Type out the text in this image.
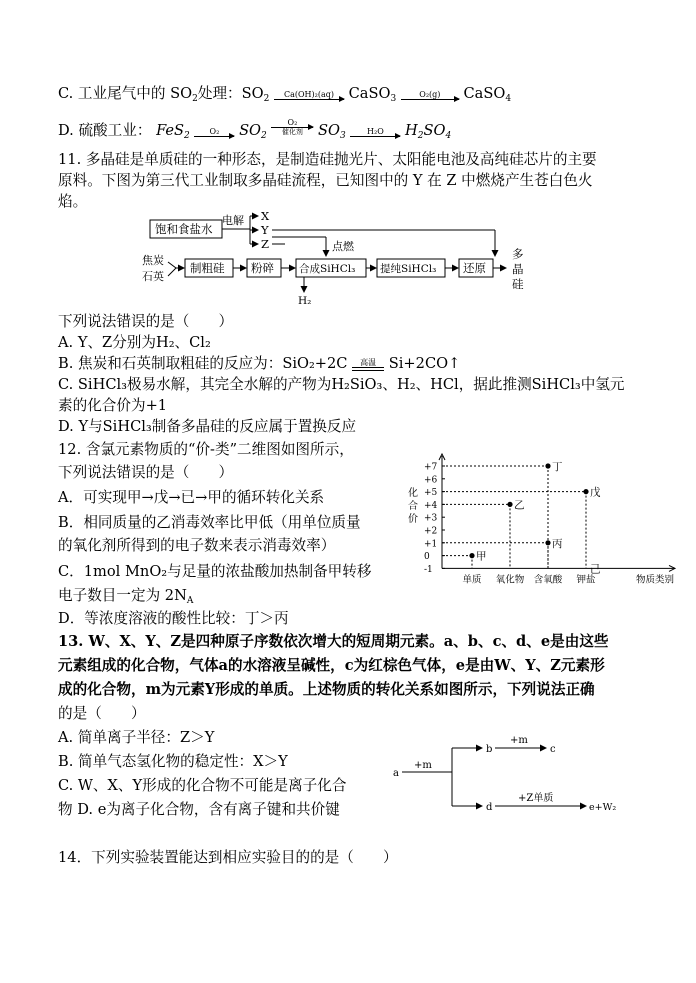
C. 工业尾气中的 $SO_2$处理：$SO_2$	Ca(OH)₂(aq)	CaSO$_3$	O₂(g)	CaSO$_4$
D. 硫酸工业： FeS$_2$	O₂	$SO_2$
O₂
催化剂	$SO_3$	H₂O	$H_2SO_4$
11. 多晶硅是单质硅的一种形态，是制造硅抛光片、太阳能电池及高纯硅芯片的主要
原料。下图为第三代工业制取多晶硅流程，已知图中的 Y 在 Z 中燃烧产生苍白色火
焰。
饱和食盐水
电解 X
Y
Z	点燃
焦炭
石英
制粗硅 粉碎 合成SiHCl₃ 提纯SiHCl₃ 还原
多
晶
硅
H₂
下列说法错误的是（　　）
A. Y、Z分别为H₂、Cl₂
B. 焦炭和石英制取粗硅的反应为：SiO₂+2C	高温 Si+2CO↑
C. SiHCl₃极易水解，其完全水解的产物为H₂SiO₃、H₂、HCl，据此推测SiHCl₃中氢元
素的化合价为+1
D. Y与SiHCl₃制备多晶硅的反应属于置换反应
12. 含氯元素物质的“价-类”二维图如图所示，
下列说法错误的是（　　）
A．可实现甲→戊→已→甲的循环转化关系
B．相同质量的乙消毒效率比甲低（用单位质量
的氧化剂所得到的电子数来表示消毒效率）
C．1mol MnO₂与足量的浓盐酸加热制备甲转移
电子数目一定为 $2N_A$
D．等浓度溶液的酸性比较：丁＞丙
化
合
价
+7
+6
+5
+4
+3
+2
+1
0
-1
单质 氧化物 含氧酸 钾盐	物质类别
甲
乙
丙
丁
戊
己
13. W、X、Y、Z是四种原子序数依次增大的短周期元素。a、b、c、d、e是由这些
元素组成的化合物，气体a的水溶液呈碱性，c为红棕色气体，e是由W、Y、Z元素形
成的化合物，m为元素Y形成的单质。上述物质的转化关系如图所示，下列说法正确
的是（　　）
A. 简单离子半径：Z＞Y
B. 简单气态氢化物的稳定性：X＞Y
C. W、X、Y形成的化合物不可能是离子化合
物 D. e为离子化合物，含有离子键和共价键
a
+m
b
+m
c
d
+Z单质
e+W₂
14．下列实验装置能达到相应实验目的的是（　　）
